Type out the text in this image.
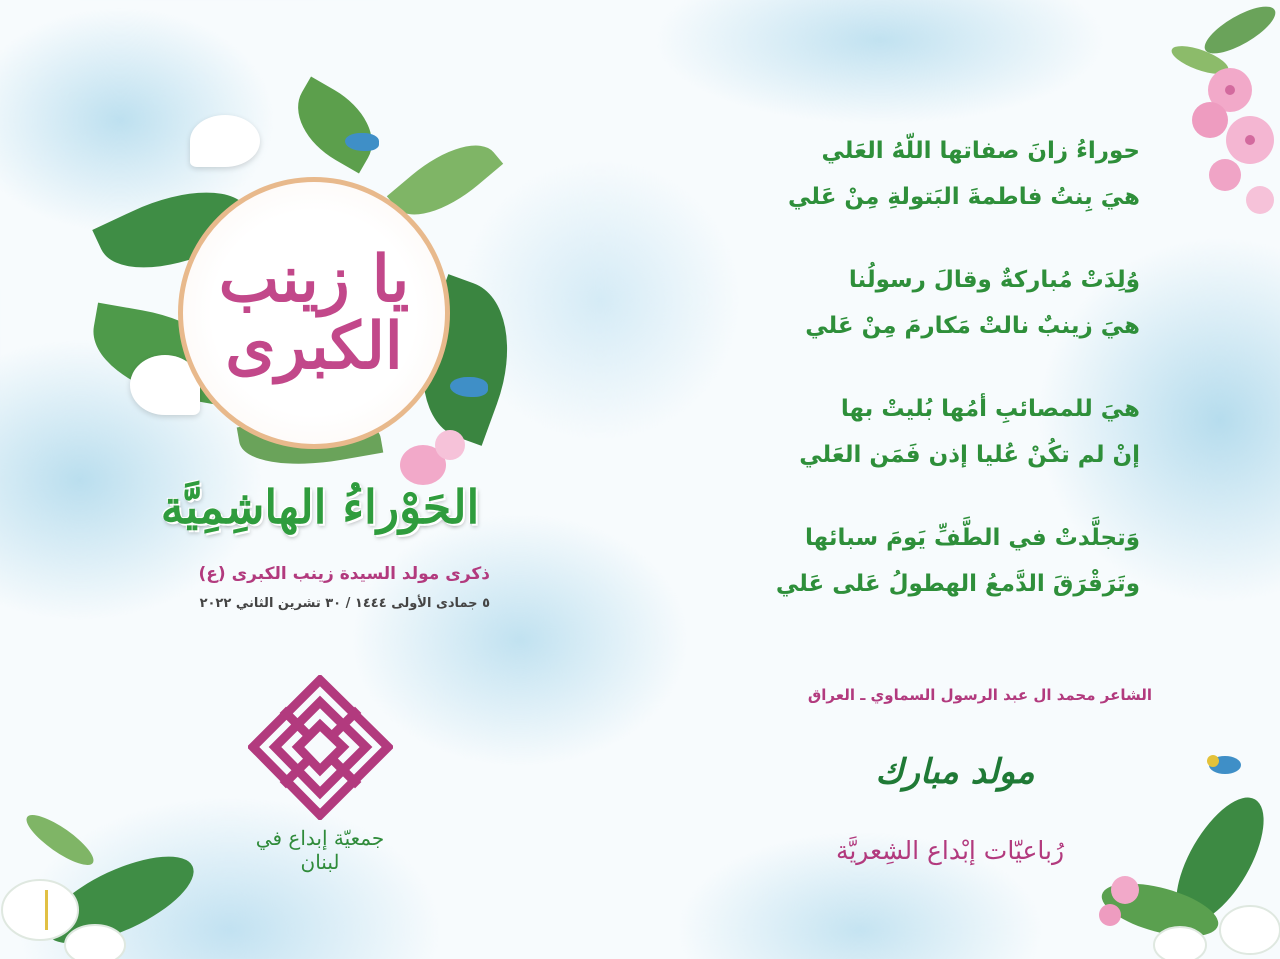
يا زينب الكبرى
الحَوْراءُ الهاشِمِيَّة
ذكرى مولد السيدة زينب الكبرى (ع)
٥ جمادى الأولى ١٤٤٤ / ٣٠ تشرين الثاني ٢٠٢٢
جمعيّة إبداع في لبنان
حوراءُ زانَ صفاتها اللّهُ العَلي
هيَ بِنتُ فاطمةَ البَتولةِ مِنْ عَلي
وُلِدَتْ مُباركةٌ وقالَ رسولُنا
هيَ زينبٌ نالتْ مَكارمَ مِنْ عَلي
هيَ للمصائبِ أمُها بُليتْ بها
إنْ لم تكُنْ عُليا إذن فَمَن العَلي
وَتجلَّدتْ في الطَّفِّ يَومَ سبائها
وتَرَقْرَقَ الدَّمعُ الهطولُ عَلى عَلي
الشاعر محمد ال عبد الرسول السماوي ـ العراق
مولد مبارك
رُباعيّات إبْداع الشِعريَّة
